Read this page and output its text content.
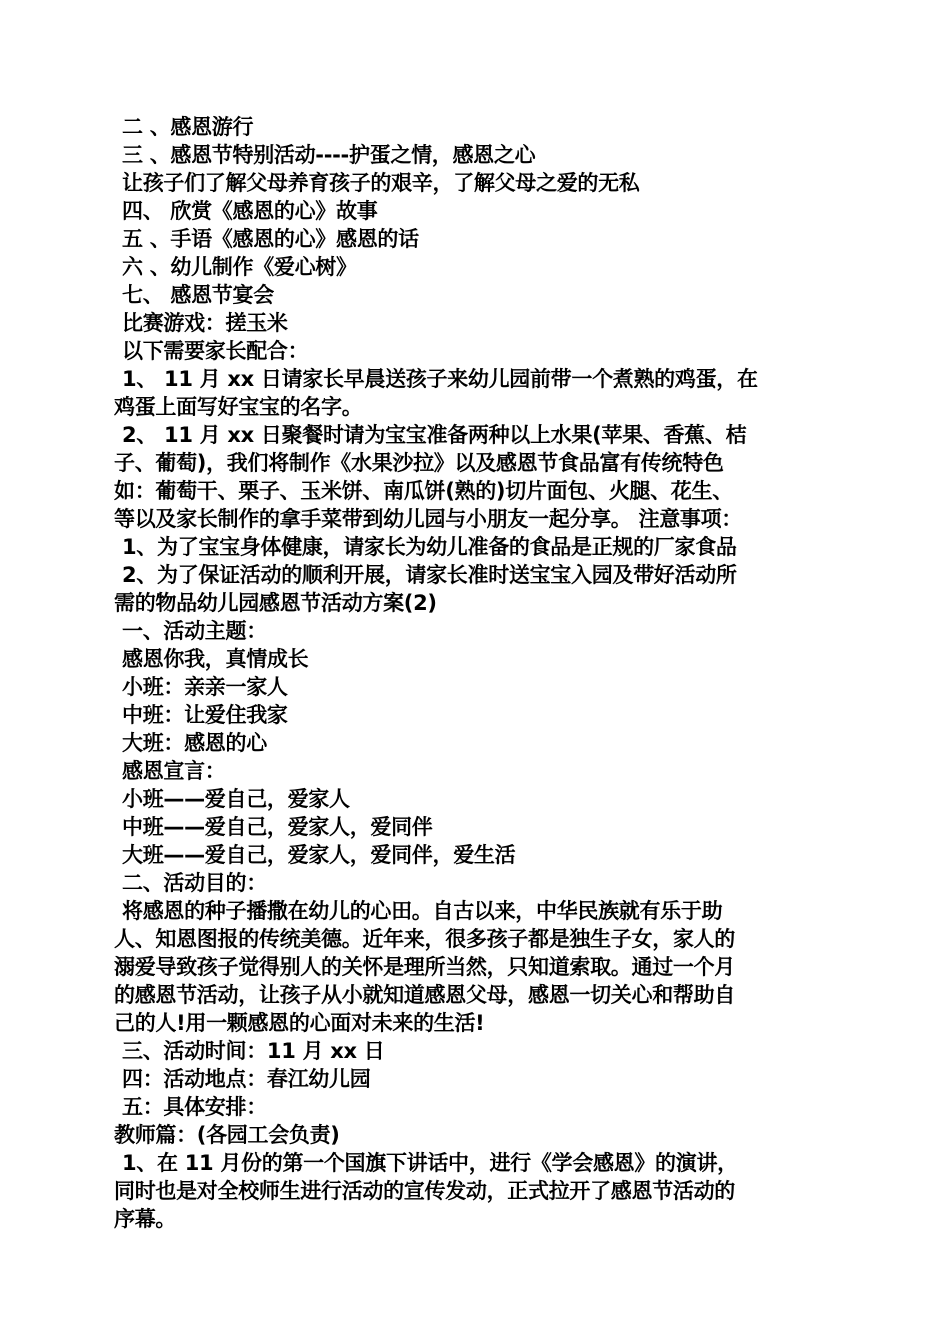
二 、感恩游行
三 、感恩节特别活动----护蛋之情，感恩之心
让孩子们了解父母养育孩子的艰辛，了解父母之爱的无私
四、 欣赏《感恩的心》故事
五 、手语《感恩的心》感恩的话
六 、幼儿制作《爱心树》
七、 感恩节宴会
比赛游戏：搓玉米
以下需要家长配合：
1、 11 月 xx 日请家长早晨送孩子来幼儿园前带一个煮熟的鸡蛋，在
鸡蛋上面写好宝宝的名字。
2、 11 月 xx 日聚餐时请为宝宝准备两种以上水果(苹果、香蕉、桔
子、葡萄)，我们将制作《水果沙拉》以及感恩节食品富有传统特色
如：葡萄干、栗子、玉米饼、南瓜饼(熟的)切片面包、火腿、花生、
等以及家长制作的拿手菜带到幼儿园与小朋友一起分享。 注意事项：
1、为了宝宝身体健康，请家长为幼儿准备的食品是正规的厂家食品
2、为了保证活动的顺利开展，请家长准时送宝宝入园及带好活动所
需的物品幼儿园感恩节活动方案(2)
一、活动主题：
感恩你我，真情成长
小班：亲亲一家人
中班：让爱住我家
大班：感恩的心
感恩宣言：
小班——爱自己，爱家人
中班——爱自己，爱家人，爱同伴
大班——爱自己，爱家人，爱同伴，爱生活
二、活动目的：
将感恩的种子播撒在幼儿的心田。自古以来，中华民族就有乐于助
人、知恩图报的传统美德。近年来，很多孩子都是独生子女，家人的
溺爱导致孩子觉得别人的关怀是理所当然，只知道索取。通过一个月
的感恩节活动，让孩子从小就知道感恩父母，感恩一切关心和帮助自
己的人!用一颗感恩的心面对未来的生活!
三、活动时间：11 月 xx 日
四：活动地点：春江幼儿园
五：具体安排：
教师篇：(各园工会负责)
1、在 11 月份的第一个国旗下讲话中，进行《学会感恩》的演讲，
同时也是对全校师生进行活动的宣传发动，正式拉开了感恩节活动的
序幕。
